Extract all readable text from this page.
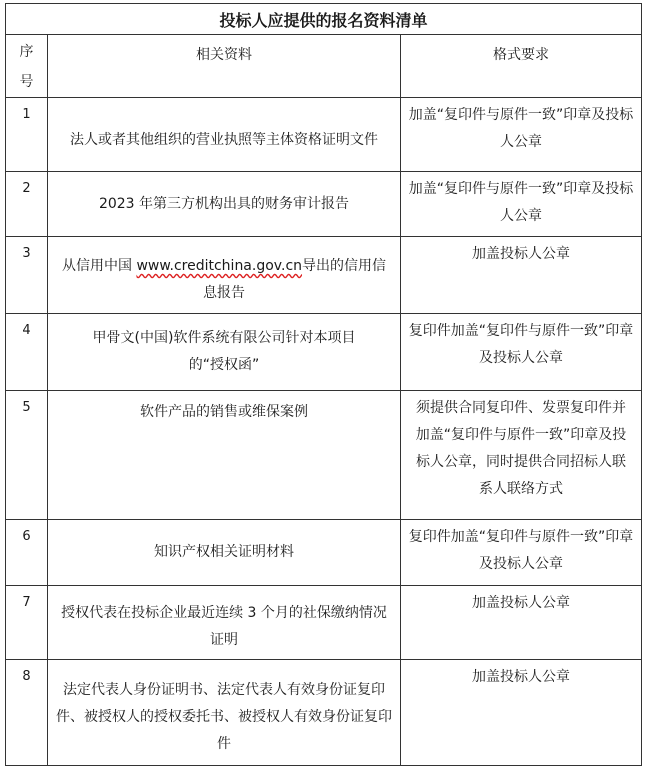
投标人应提供的报名资料清单		

序
号	相关资料	格式要求
1	法人或者其他组织的营业执照等主体资格证明文件	加盖“复印件与原件一致”印章及投标人公章
2	2023 年第三方机构出具的财务审计报告	加盖“复印件与原件一致”印章及投标人公章
3	从信用中国 www.creditchina.gov.cn导出的信用信息报告	加盖投标人公章
4	甲骨文(中国)软件系统有限公司针对本项目的“授权函”	复印件加盖“复印件与原件一致”印章及投标人公章
5	软件产品的销售或维保案例	须提供合同复印件、发票复印件并加盖“复印件与原件一致”印章及投标人公章，同时提供合同招标人联系人联络方式
6	知识产权相关证明材料	复印件加盖“复印件与原件一致”印章及投标人公章
7	授权代表在投标企业最近连续 3 个月的社保缴纳情况证明	加盖投标人公章
8	法定代表人身份证明书、法定代表人有效身份证复印件、被授权人的授权委托书、被授权人有效身份证复印件	加盖投标人公章
